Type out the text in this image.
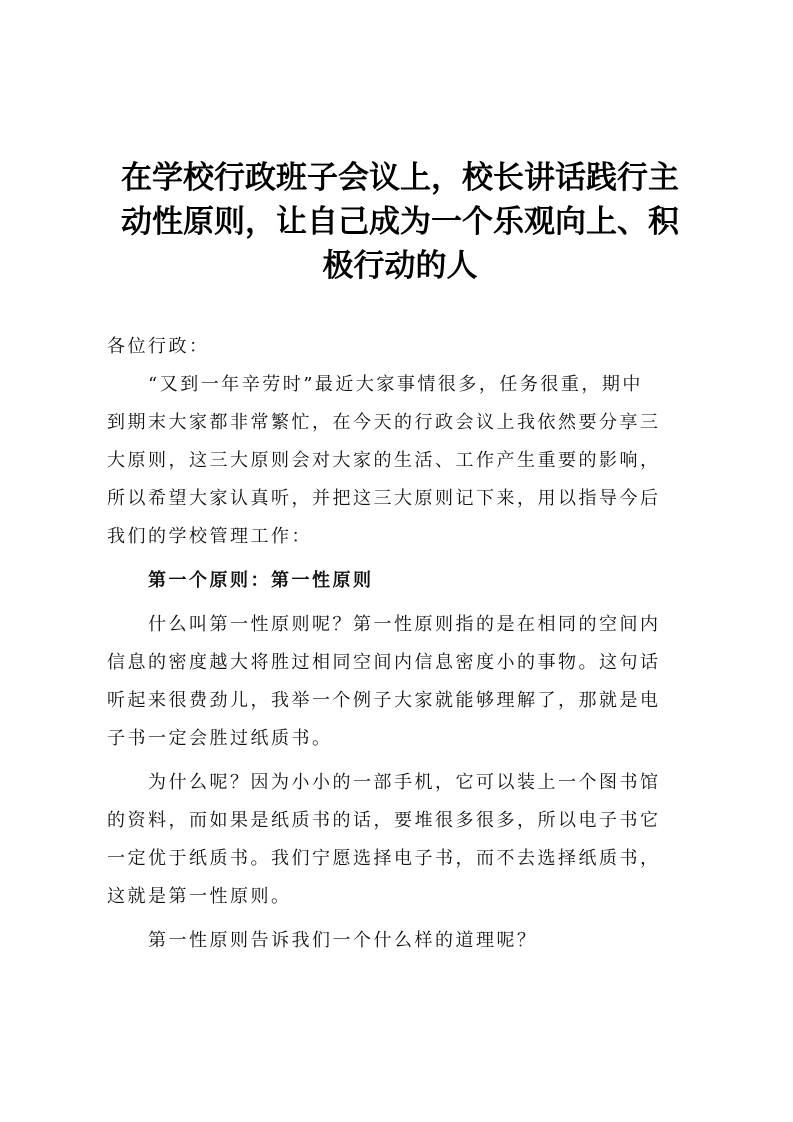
在学校行政班子会议上，校长讲话践行主
动性原则，让自己成为一个乐观向上、积
极行动的人
各位行政：
“又到一年辛劳时”最近大家事情很多，任务很重，期中
到期末大家都非常繁忙，在今天的行政会议上我依然要分享三
大原则，这三大原则会对大家的生活、工作产生重要的影响，
所以希望大家认真听，并把这三大原则记下来，用以指导今后
我们的学校管理工作：
第一个原则：第一性原则
什么叫第一性原则呢？第一性原则指的是在相同的空间内
信息的密度越大将胜过相同空间内信息密度小的事物。这句话
听起来很费劲儿，我举一个例子大家就能够理解了，那就是电
子书一定会胜过纸质书。
为什么呢？因为小小的一部手机，它可以装上一个图书馆
的资料，而如果是纸质书的话，要堆很多很多，所以电子书它
一定优于纸质书。我们宁愿选择电子书，而不去选择纸质书，
这就是第一性原则。
第一性原则告诉我们一个什么样的道理呢？
